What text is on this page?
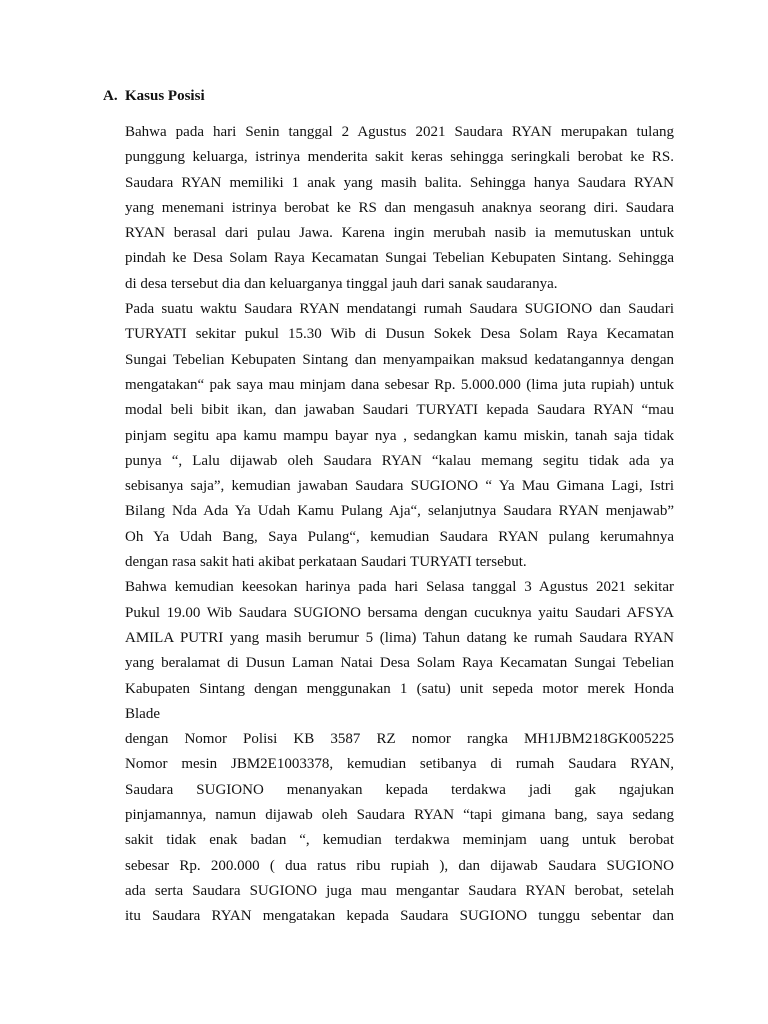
A. Kasus Posisi
Bahwa pada hari Senin tanggal 2 Agustus 2021 Saudara RYAN merupakan tulang
punggung keluarga, istrinya menderita sakit keras sehingga seringkali berobat ke RS.
Saudara RYAN memiliki 1 anak yang masih balita. Sehingga hanya Saudara RYAN
yang menemani istrinya berobat ke RS dan mengasuh anaknya seorang diri. Saudara
RYAN berasal dari pulau Jawa. Karena ingin merubah nasib ia memutuskan untuk
pindah ke Desa Solam Raya Kecamatan Sungai Tebelian Kebupaten Sintang. Sehingga
di desa tersebut dia dan keluarganya tinggal jauh dari sanak saudaranya.
Pada suatu waktu Saudara RYAN mendatangi rumah Saudara SUGIONO dan Saudari
TURYATI sekitar pukul 15.30 Wib di Dusun Sokek Desa Solam Raya Kecamatan
Sungai Tebelian Kebupaten Sintang dan menyampaikan maksud kedatangannya dengan
mengatakan“ pak saya mau minjam dana sebesar Rp. 5.000.000 (lima juta rupiah) untuk
modal beli bibit ikan, dan jawaban Saudari TURYATI kepada Saudara RYAN “mau
pinjam segitu apa kamu mampu bayar nya , sedangkan kamu miskin, tanah saja tidak
punya “, Lalu dijawab oleh Saudara RYAN “kalau memang segitu tidak ada ya
sebisanya saja”, kemudian jawaban Saudara SUGIONO “ Ya Mau Gimana Lagi, Istri
Bilang Nda Ada Ya Udah Kamu Pulang Aja“, selanjutnya Saudara RYAN menjawab”
Oh Ya Udah Bang, Saya Pulang“, kemudian Saudara RYAN pulang kerumahnya
dengan rasa sakit hati akibat perkataan Saudari TURYATI tersebut.
Bahwa kemudian keesokan harinya pada hari Selasa tanggal 3 Agustus 2021 sekitar
Pukul 19.00 Wib Saudara SUGIONO bersama dengan cucuknya yaitu Saudari AFSYA
AMILA PUTRI yang masih berumur 5 (lima) Tahun datang ke rumah Saudara RYAN
yang beralamat di Dusun Laman Natai Desa Solam Raya Kecamatan Sungai Tebelian
Kabupaten Sintang dengan menggunakan 1 (satu) unit sepeda motor merek Honda
Blade
dengan Nomor Polisi KB 3587 RZ nomor rangka MH1JBM218GK005225
Nomor mesin JBM2E1003378, kemudian setibanya di rumah Saudara RYAN,
Saudara SUGIONO menanyakan kepada terdakwa jadi gak ngajukan
pinjamannya, namun dijawab oleh Saudara RYAN “tapi gimana bang, saya sedang
sakit tidak enak badan “, kemudian terdakwa meminjam uang untuk berobat
sebesar Rp. 200.000 ( dua ratus ribu rupiah ), dan dijawab Saudara SUGIONO
ada serta Saudara SUGIONO juga mau mengantar Saudara RYAN berobat, setelah
itu Saudara RYAN mengatakan kepada Saudara SUGIONO tunggu sebentar dan
